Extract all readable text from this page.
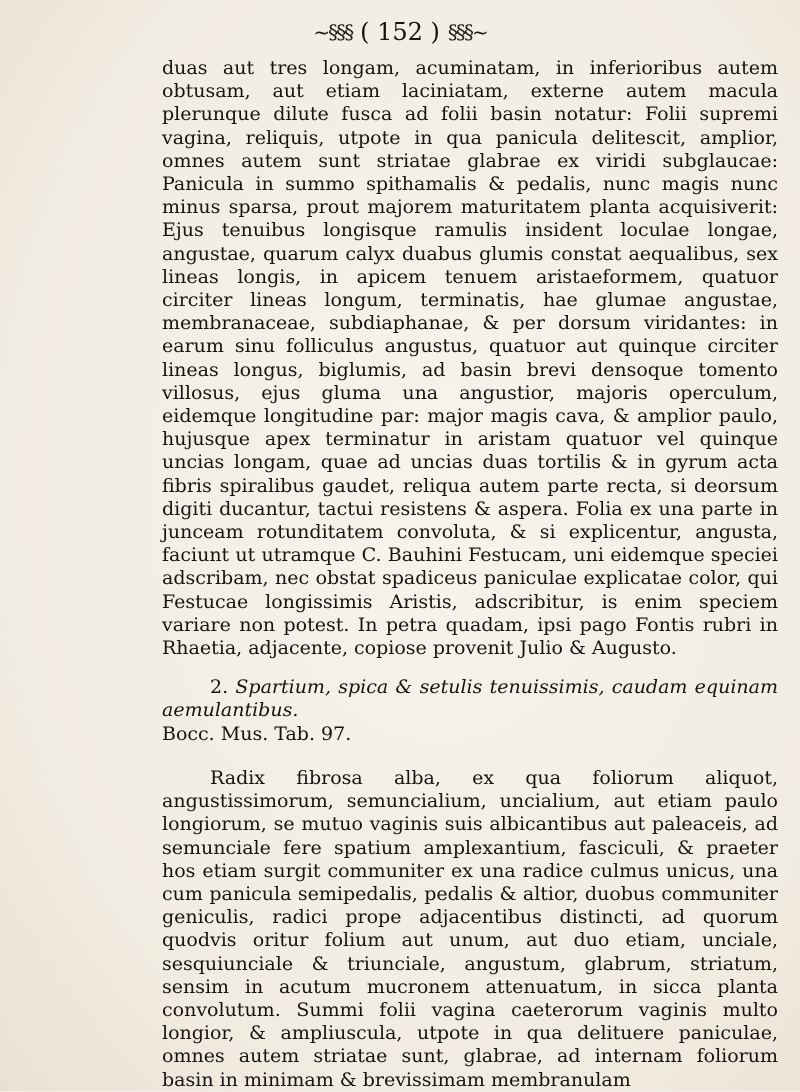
~§§§ ( 152 ) §§§~

duas aut tres longam, acuminatam, in inferioribus autem obtusam, aut etiam laciniatam, externe autem macula plerunque dilute fusca ad folii basin notatur: Folii supremi vagina, reliquis, utpote in qua panicula delitescit, amplior, omnes autem sunt striatae glabrae ex viridi subglaucae: Panicula in summo spithamalis & pedalis, nunc magis nunc minus sparsa, prout majorem maturitatem planta acquisiverit: Ejus tenuibus longisque ramulis insident loculae longae, angustae, quarum calyx duabus glumis constat aequalibus, sex lineas longis, in apicem tenuem aristaeformem, quatuor circiter lineas longum, terminatis, hae glumae angustae, membranaceae, subdiaphanae, & per dorsum viridantes: in earum sinu folliculus angustus, quatuor aut quinque circiter lineas longus, biglumis, ad basin brevi densoque tomento villosus, ejus gluma una angustior, majoris operculum, eidemque longitudine par: major magis cava, & amplior paulo, hujusque apex terminatur in aristam quatuor vel quinque uncias longam, quae ad uncias duas tortilis & in gyrum acta fibris spiralibus gaudet, reliqua autem parte recta, si deorsum digiti ducantur, tactui resistens & aspera. Folia ex una parte in junceam rotunditatem convoluta, & si explicentur, angusta, faciunt ut utramque C. Bauhini Festucam, uni eidemque speciei adscribam, nec obstat spadiceus paniculae explicatae color, qui Festucae longissimis Aristis, adscribitur, is enim speciem variare non potest. In petra quadam, ipsi pago Fontis rubri in Rhaetia, adjacente, copiose provenit Julio & Augusto.

2. Spartium, spica & setulis tenuissimis, caudam equinam aemulantibus.

Bocc. Mus. Tab. 97.

Radix fibrosa alba, ex qua foliorum aliquot, angustissimorum, semuncialium, uncialium, aut etiam paulo longiorum, se mutuo vaginis suis albicantibus aut paleaceis, ad semunciale fere spatium amplexantium, fasciculi, & praeter hos etiam surgit communiter ex una radice culmus unicus, una cum panicula semipedalis, pedalis & altior, duobus communiter geniculis, radici prope adjacentibus distincti, ad quorum quodvis oritur folium aut unum, aut duo etiam, unciale, sesquiunciale & triunciale, angustum, glabrum, striatum, sensim in acutum mucronem attenuatum, in sicca planta convolutum. Summi folii vagina caeterorum vaginis multo longior, & ampliuscula, utpote in qua delituere paniculae, omnes autem striatae sunt, glabrae, ad internam foliorum basin in minimam & brevissimam membranulam
